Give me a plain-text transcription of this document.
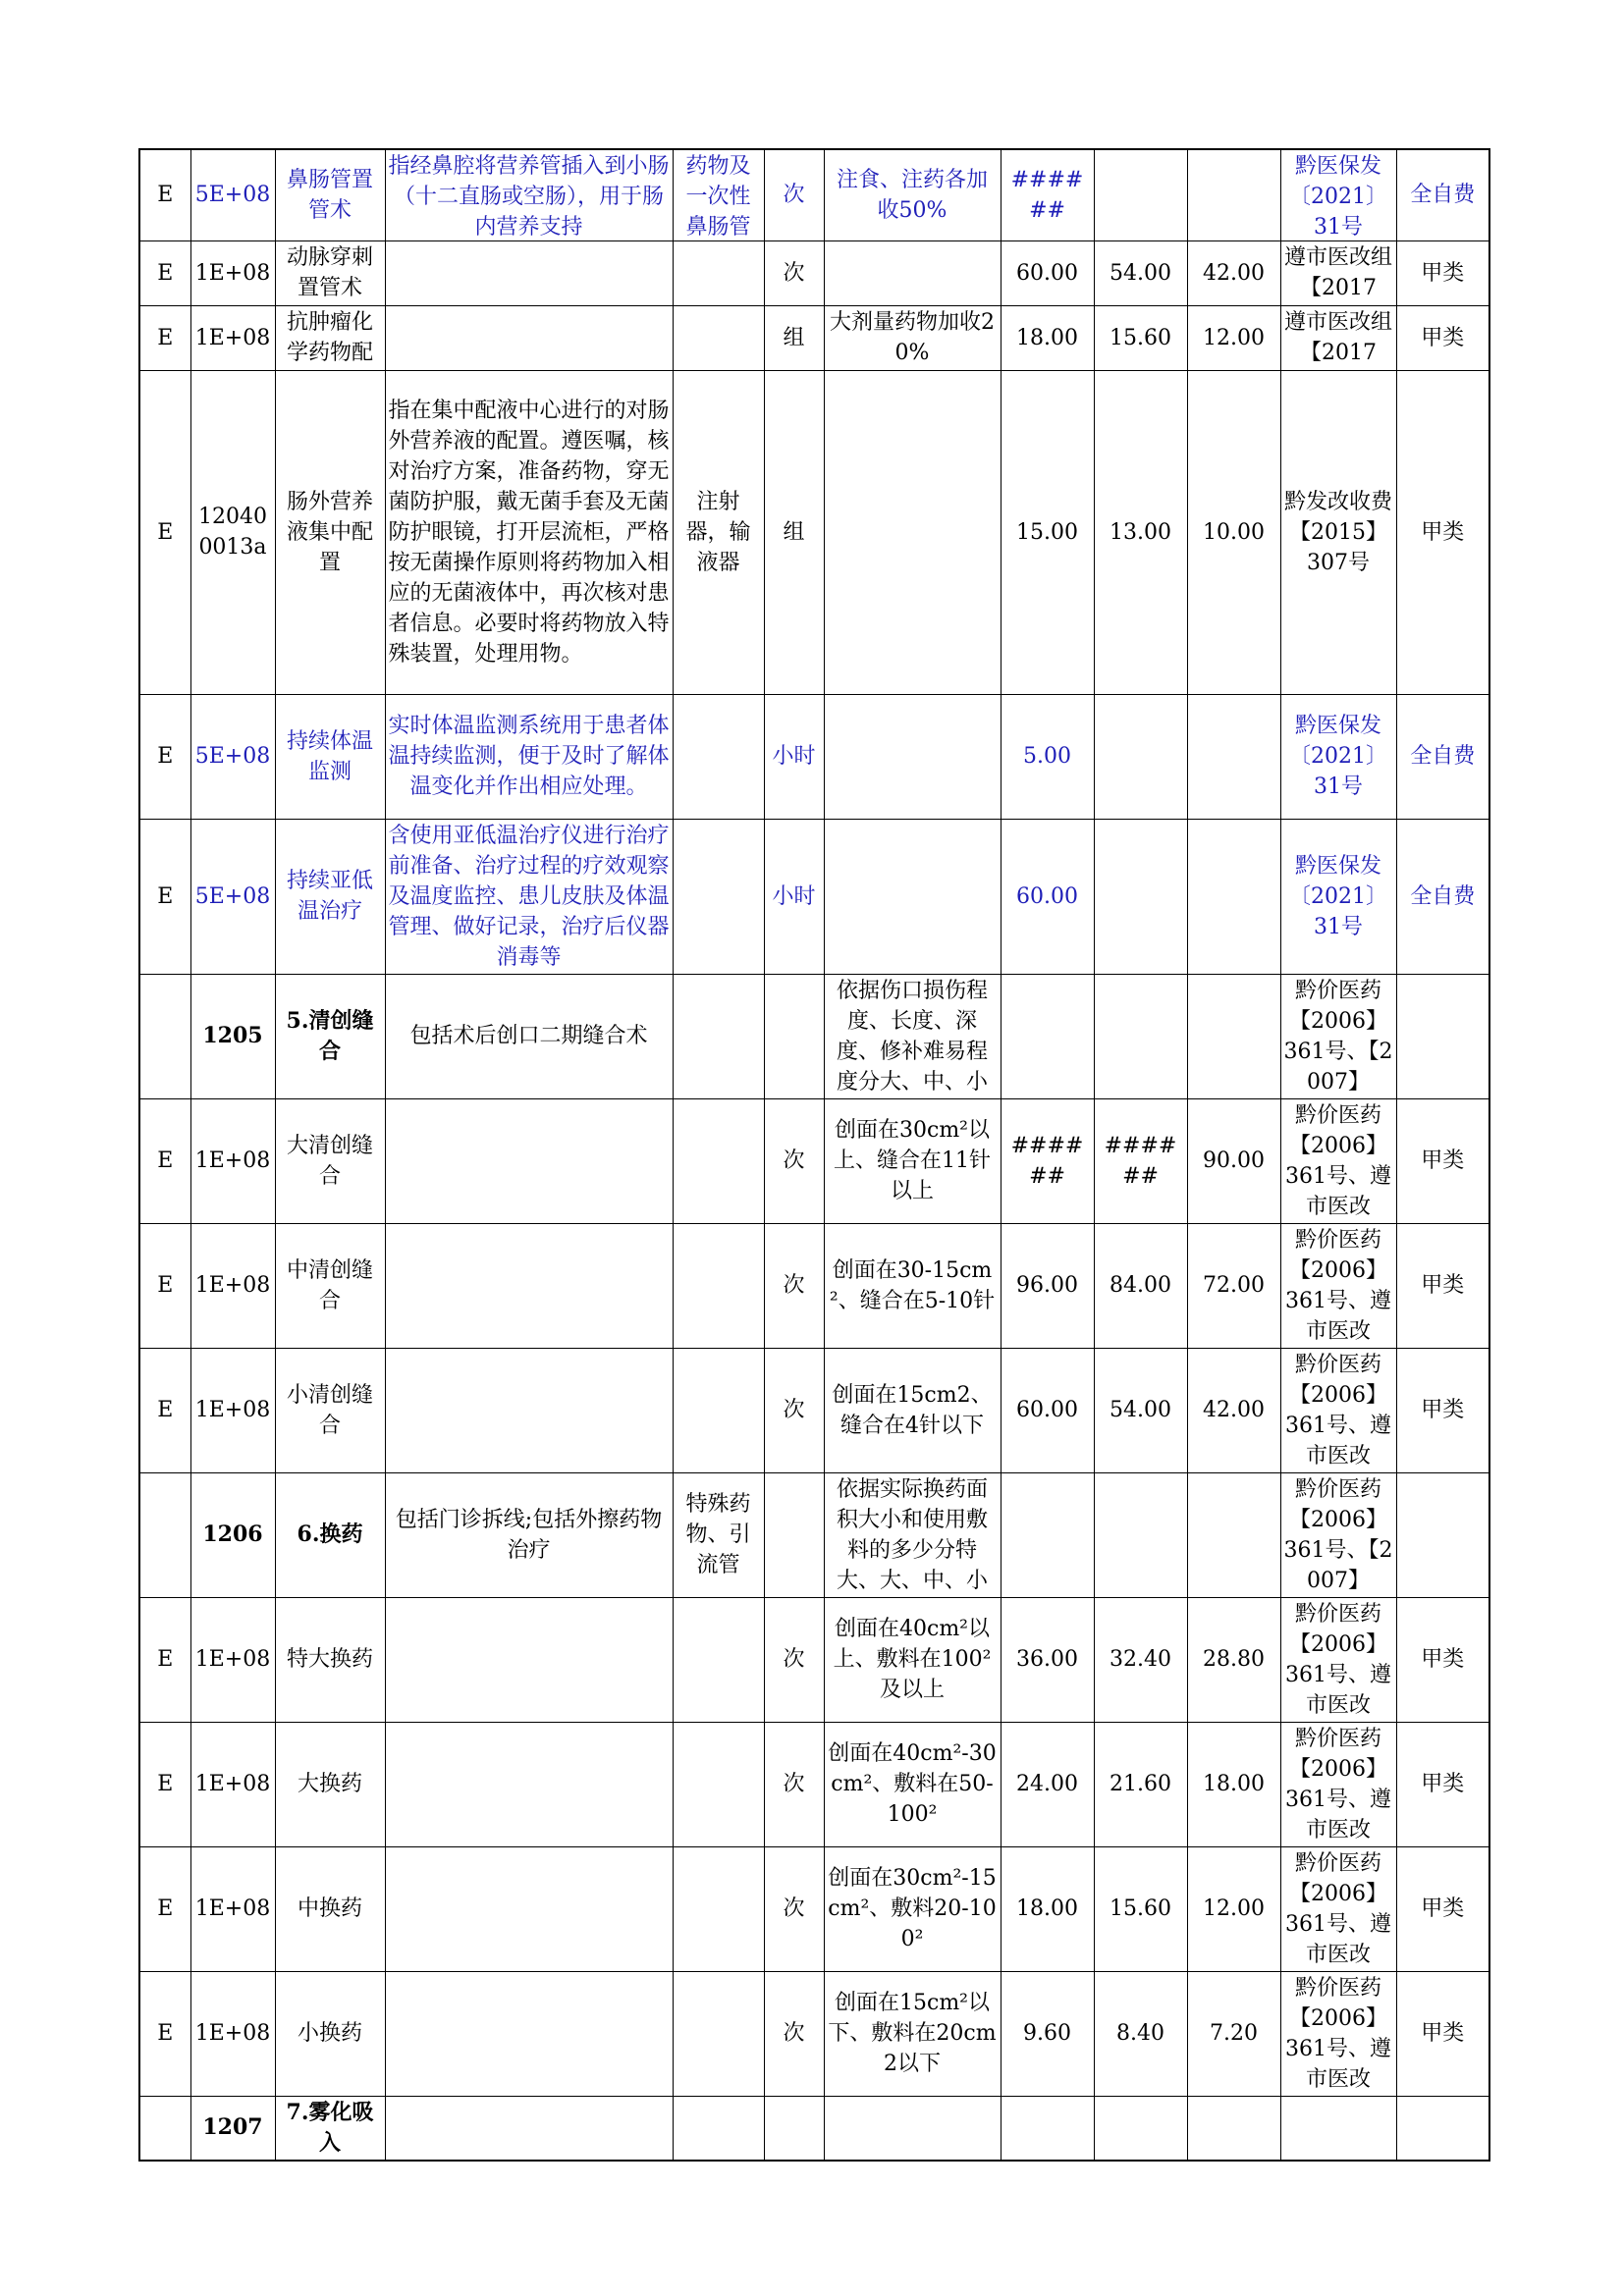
E	5E+08	鼻肠管置管术	指经鼻腔将营养管插入到小肠（十二直肠或空肠），用于肠内营养支持	药物及一次性鼻肠管	次	注食、注药各加收50%	######			黔医保发〔2021〕31号	全自费

E	1E+08	动脉穿刺置管术			次		60.00	54.00	42.00	遵市医改组【2017	甲类

E	1E+08	抗肿瘤化学药物配			组	大剂量药物加收20%	18.00	15.60	12.00	遵市医改组【2017	甲类

E	120400013a	肠外营养液集中配置	指在集中配液中心进行的对肠外营养液的配置。遵医嘱，核对治疗方案，准备药物，穿无菌防护服，戴无菌手套及无菌防护眼镜，打开层流柜，严格按无菌操作原则将药物加入相应的无菌液体中，再次核对患者信息。必要时将药物放入特殊装置，处理用物。	注射器，输液器	组		15.00	13.00	10.00	黔发改收费【2015】307号	甲类

E	5E+08	持续体温监测	实时体温监测系统用于患者体温持续监测，便于及时了解体温变化并作出相应处理。		小时		5.00			黔医保发〔2021〕31号	全自费

E	5E+08	持续亚低温治疗	含使用亚低温治疗仪进行治疗前准备、治疗过程的疗效观察及温度监控、患儿皮肤及体温管理、做好记录，治疗后仪器消毒等		小时		60.00			黔医保发〔2021〕31号	全自费

	1205	5.清创缝合	包括术后创口二期缝合术			依据伤口损伤程度、长度、深度、修补难易程度分大、中、小				黔价医药【2006】361号、【2007】	

E	1E+08	大清创缝合			次	创面在30cm²以上、缝合在11针以上	######	######	90.00	黔价医药【2006】361号、遵市医改	甲类

E	1E+08	中清创缝合			次	创面在30-15cm²、缝合在5-10针	96.00	84.00	72.00	黔价医药【2006】361号、遵市医改	甲类

E	1E+08	小清创缝合			次	创面在15cm2、缝合在4针以下	60.00	54.00	42.00	黔价医药【2006】361号、遵市医改	甲类

	1206	6.换药	包括门诊拆线;包括外擦药物治疗	特殊药物、引流管		依据实际换药面积大小和使用敷料的多少分特大、大、中、小				黔价医药【2006】361号、【2007】	

E	1E+08	特大换药			次	创面在40cm²以上、敷料在100²及以上	36.00	32.40	28.80	黔价医药【2006】361号、遵市医改	甲类

E	1E+08	大换药			次	创面在40cm²-30cm²、敷料在50-100²	24.00	21.60	18.00	黔价医药【2006】361号、遵市医改	甲类

E	1E+08	中换药			次	创面在30cm²-15cm²、敷料20-100²	18.00	15.60	12.00	黔价医药【2006】361号、遵市医改	甲类

E	1E+08	小换药			次	创面在15cm²以下、敷料在20cm2以下	9.60	8.40	7.20	黔价医药【2006】361号、遵市医改	甲类

	1207	7.雾化吸入									
